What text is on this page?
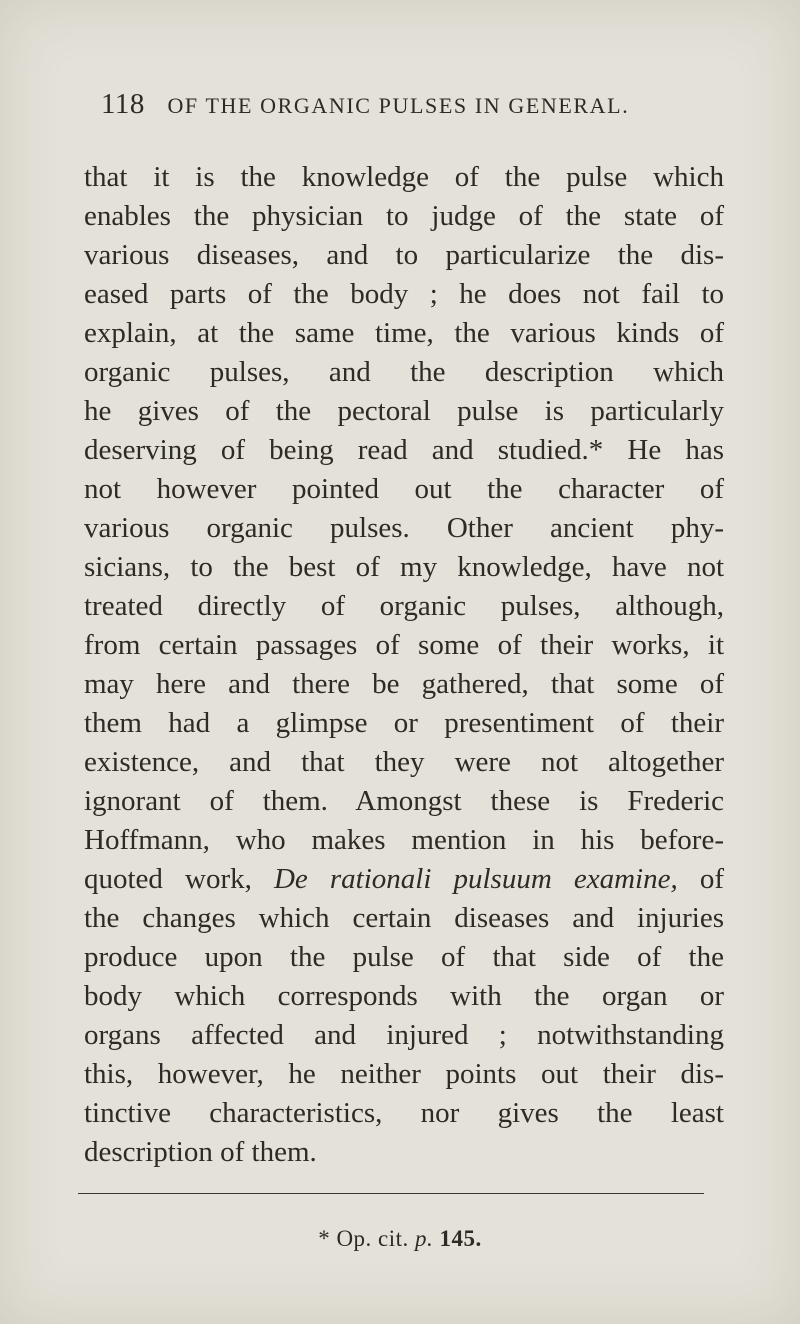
118 OF THE ORGANIC PULSES IN GENERAL.
that it is the knowledge of the pulse which
enables the physician to judge of the state of
various diseases, and to particularize the dis-
eased parts of the body ; he does not fail to
explain, at the same time, the various kinds of
organic pulses, and the description which
he gives of the pectoral pulse is particularly
deserving of being read and studied.* He has
not however pointed out the character of
various organic pulses. Other ancient phy-
sicians, to the best of my knowledge, have not
treated directly of organic pulses, although,
from certain passages of some of their works, it
may here and there be gathered, that some of
them had a glimpse or presentiment of their
existence, and that they were not altogether
ignorant of them. Amongst these is Frederic
Hoffmann, who makes mention in his before-
quoted work, De rationali pulsuum examine, of
the changes which certain diseases and injuries
produce upon the pulse of that side of the
body which corresponds with the organ or
organs affected and injured ; notwithstanding
this, however, he neither points out their dis-
tinctive characteristics, nor gives the least
description of them.
* Op. cit. p. 145.
